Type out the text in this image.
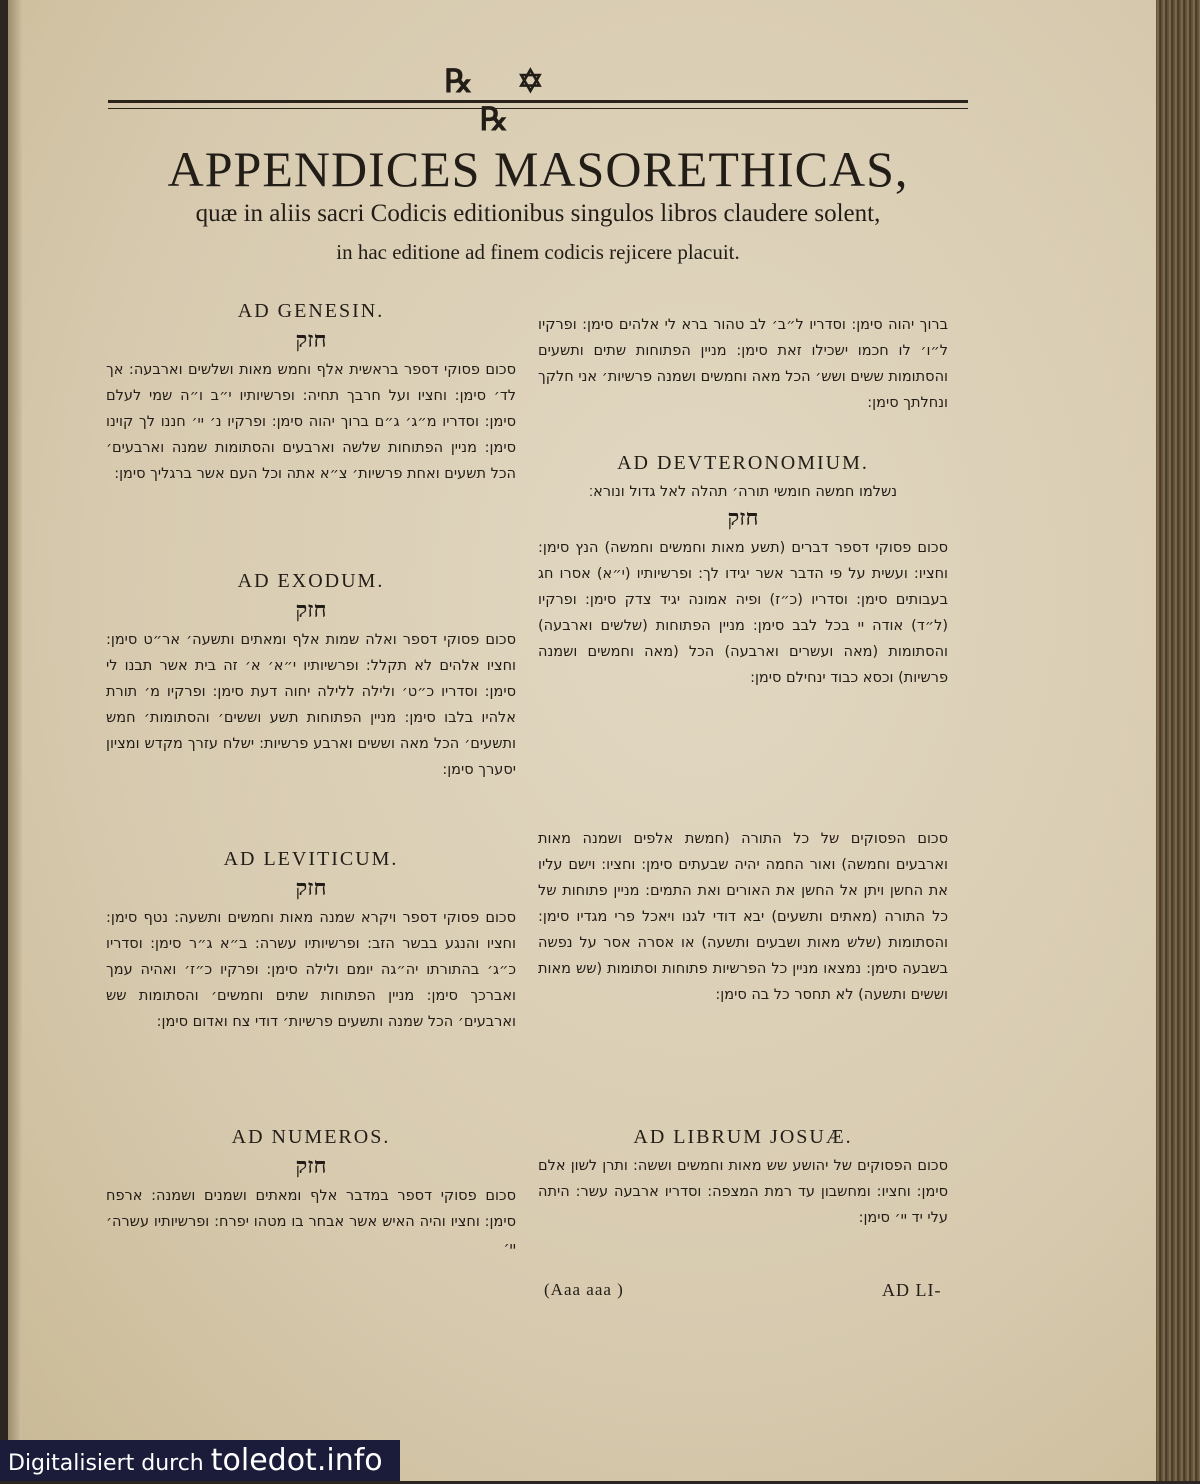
℞ ✡ ℞
APPENDICES MASORETHICAS,
quæ in aliis sacri Codicis editionibus singulos libros claudere solent,
in hac editione ad finem codicis rejicere placuit.
AD GENESIN.
חזק

סכום פסוקי דספר בראשית אלף וחמש מאות ושלשים וארבעה: אך לד׳ סימן: וחציו ועל חרבך תחיה: ופרשיותיו י״ב ו״ה שמי לעלם סימן: וסדריו מ״ג׳ ג״ם ברוך יהוה סימן: ופרקיו נ׳ יי׳ חננו לך קוינו סימן: מניין הפתוחות שלשה וארבעים והסתומות שמנה וארבעים׳ הכל תשעים ואחת פרשיות׳ צ״א אתה וכל העם אשר ברגליך סימן:

AD EXODUM.
חזק

סכום פסוקי דספר ואלה שמות אלף ומאתים ותשעה׳ אר״ט סימן: וחציו אלהים לא תקלל: ופרשיותיו י״א׳ א׳ זה בית אשר תבנו לי סימן: וסדריו כ״ט׳ ולילה ללילה יחוה דעת סימן: ופרקיו מ׳ תורת אלהיו בלבו סימן: מניין הפתוחות תשע וששים׳ והסתומות׳ חמש ותשעים׳ הכל מאה וששים וארבע פרשיות: ישלח עזרך מקדש ומציון יסערך סימן:

AD LEVITICUM.
חזק

סכום פסוקי דספר ויקרא שמנה מאות וחמשים ותשעה: נטף סימן: וחציו והנגע בבשר הזב: ופרשיותיו עשרה: ב״א ג״ר סימן: וסדריו כ״ג׳ בהתורתו יה״גה יומם ולילה סימן: ופרקיו כ״ז׳ ואהיה עמך ואברכך סימן: מניין הפתוחות שתים וחמשים׳ והסתומות שש וארבעים׳ הכל שמנה ותשעים פרשיות׳ דודי צח ואדום סימן:

AD NUMEROS.
חזק

סכום פסוקי דספר במדבר אלף ומאתים ושמנים ושמנה: ארפח סימן: וחציו והיה האיש אשר אבחר בו מטהו יפרח: ופרשיותיו עשרה׳ יי׳

ברוך יהוה סימן: וסדריו ל״ב׳ לב טהור ברא לי אלהים סימן: ופרקיו ל״ו׳ לו חכמו ישכילו זאת סימן: מניין הפתוחות שתים ותשעים והסתומות ששים ושש׳ הכל מאה וחמשים ושמנה פרשיות׳ אני חלקך ונחלתך סימן:

AD DEVTERONOMIUM.

נשלמו חמשה חומשי תורה׳ תהלה לאל גדול ונורא׃

חזק

סכום פסוקי דספר דברים (תשע מאות וחמשים וחמשה) הנץ סימן: וחציו: ועשית על פי הדבר אשר יגידו לך: ופרשיותיו (י״א) אסרו חג בעבותים סימן: וסדריו (כ״ז) ופיה אמונה יגיד צדק סימן: ופרקיו (ל״ד) אודה יי בכל לבב סימן: מניין הפתוחות (שלשים וארבעה) והסתומות (מאה ועשרים וארבעה) הכל (מאה וחמשים ושמנה פרשיות) וכסא כבוד ינחילם סימן:

סכום הפסוקים של כל התורה (חמשת אלפים ושמנה מאות וארבעים וחמשה) ואור החמה יהיה שבעתים סימן: וחציו: וישם עליו את החשן ויתן אל החשן את האורים ואת התמים: מניין פתוחות של כל התורה (מאתים ותשעים) יבא דודי לגנו ויאכל פרי מגדיו סימן: והסתומות (שלש מאות ושבעים ותשעה) או אסרה אסר על נפשה בשבעה סימן: נמצאו מניין כל הפרשיות פתוחות וסתומות (שש מאות וששים ותשעה) לא תחסר כל בה סימן:

AD LIBRUM JOSUÆ.

סכום הפסוקים של יהושע שש מאות וחמשים וששה: ותרן לשון אלם סימן: וחציו: ומחשבון עד רמת המצפה: וסדריו ארבעה עשר: היתה עלי יד יי׳ סימן:

(Aaa aaa )	AD LI-
Digitalisiert durch toledot.info
